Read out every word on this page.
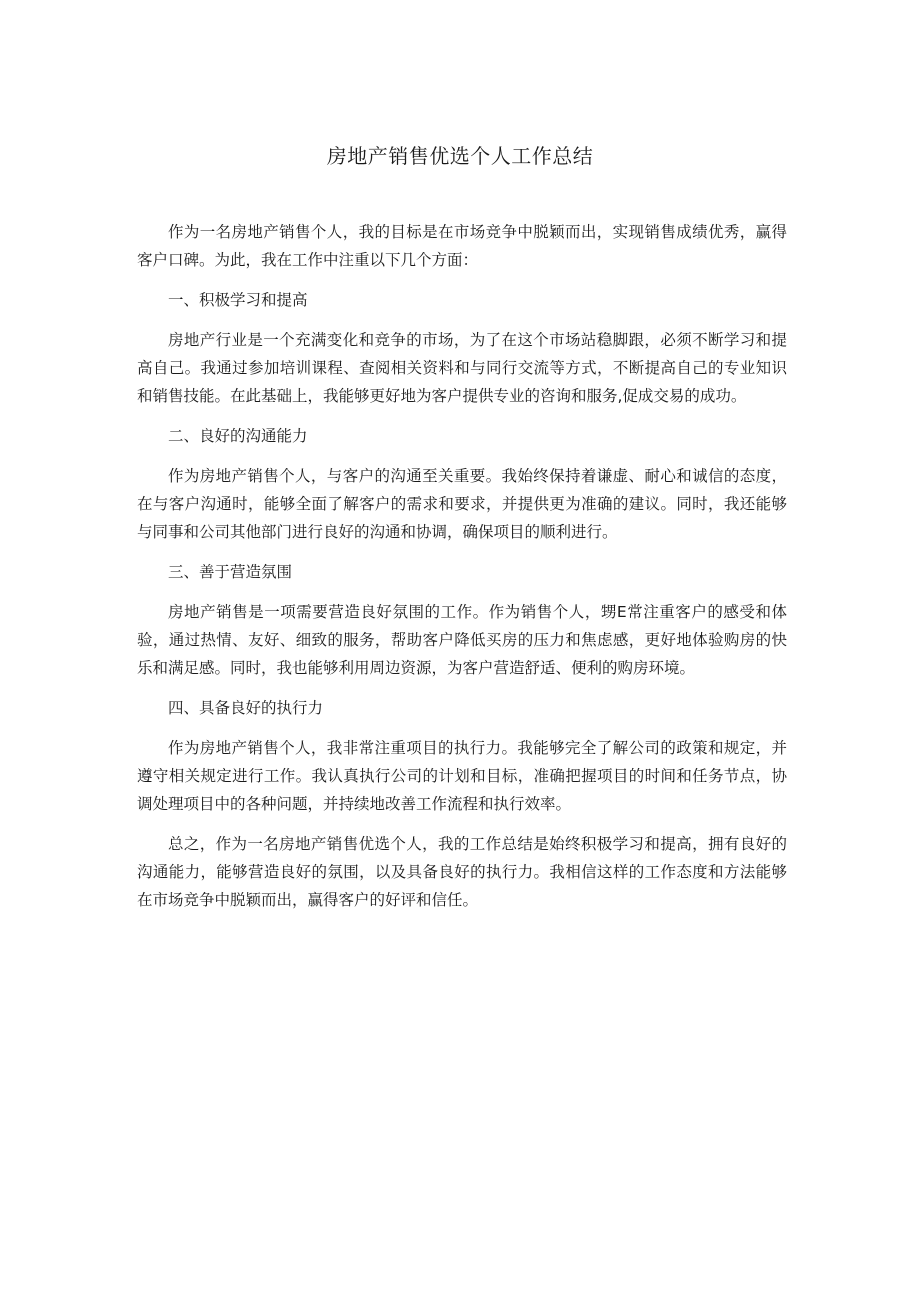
房地产销售优选个人工作总结

作为一名房地产销售个人，我的目标是在市场竞争中脱颖而出，实现销售成绩优秀，赢得客户口碑。为此，我在工作中注重以下几个方面：

一、积极学习和提高

房地产行业是一个充满变化和竞争的市场，为了在这个市场站稳脚跟，必须不断学习和提高自己。我通过参加培训课程、查阅相关资料和与同行交流等方式，不断提高自己的专业知识和销售技能。在此基础上，我能够更好地为客户提供专业的咨询和服务,促成交易的成功。

二、良好的沟通能力

作为房地产销售个人，与客户的沟通至关重要。我始终保持着谦虚、耐心和诚信的态度，在与客户沟通时，能够全面了解客户的需求和要求，并提供更为准确的建议。同时，我还能够与同事和公司其他部门进行良好的沟通和协调，确保项目的顺利进行。

三、善于营造氛围

房地产销售是一项需要营造良好氛围的工作。作为销售个人，甥E常注重客户的感受和体验，通过热情、友好、细致的服务，帮助客户降低买房的压力和焦虑感，更好地体验购房的快乐和满足感。同时，我也能够利用周边资源，为客户营造舒适、便利的购房环境。

四、具备良好的执行力

作为房地产销售个人，我非常注重项目的执行力。我能够完全了解公司的政策和规定，并遵守相关规定进行工作。我认真执行公司的计划和目标，准确把握项目的时间和任务节点，协调处理项目中的各种问题，并持续地改善工作流程和执行效率。

总之，作为一名房地产销售优选个人，我的工作总结是始终积极学习和提高，拥有良好的沟通能力，能够营造良好的氛围，以及具备良好的执行力。我相信这样的工作态度和方法能够在市场竞争中脱颖而出，赢得客户的好评和信任。
